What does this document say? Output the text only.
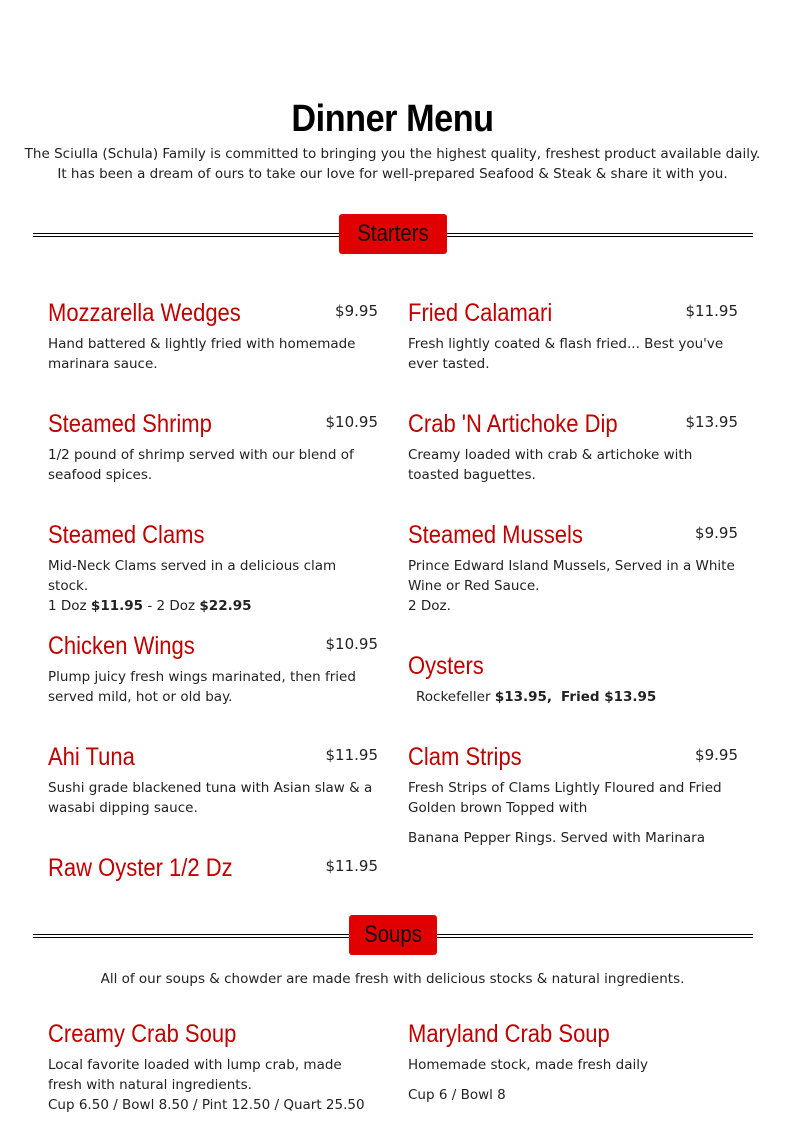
Dinner Menu
The Sciulla (Schula) Family is committed to bringing you the highest quality, freshest product available daily. It has been a dream of ours to take our love for well-prepared Seafood & Steak & share it with you.
Starters
Mozzarella Wedges	$9.95
Hand battered & lightly fried with homemade marinara sauce.
Steamed Shrimp	$10.95
1/2 pound of shrimp served with our blend of seafood spices.
Steamed Clams
Mid-Neck Clams served in a delicious clam stock.
1 Doz $11.95 - 2 Doz $22.95
Chicken Wings	$10.95
Plump juicy fresh wings marinated, then fried served mild, hot or old bay.
Ahi Tuna	$11.95
Sushi grade blackened tuna with Asian slaw & a wasabi dipping sauce.
Raw Oyster 1/2 Dz	$11.95
Fried Calamari	$11.95
Fresh lightly coated & flash fried... Best you've ever tasted.
Crab 'N Artichoke Dip	$13.95
Creamy loaded with crab & artichoke with toasted baguettes.
Steamed Mussels	$9.95
Prince Edward Island Mussels, Served in a White Wine or Red Sauce.
2 Doz.
Oysters
Rockefeller $13.95, Fried $13.95
Clam Strips	$9.95
Fresh Strips of Clams Lightly Floured and Fried Golden brown Topped with
Banana Pepper Rings. Served with Marinara
Soups
All of our soups & chowder are made fresh with delicious stocks & natural ingredients.
Creamy Crab Soup
Local favorite loaded with lump crab, made fresh with natural ingredients.
Cup 6.50 / Bowl 8.50 / Pint 12.50 / Quart 25.50
Maryland Crab Soup
Homemade stock, made fresh daily
Cup 6 / Bowl 8
